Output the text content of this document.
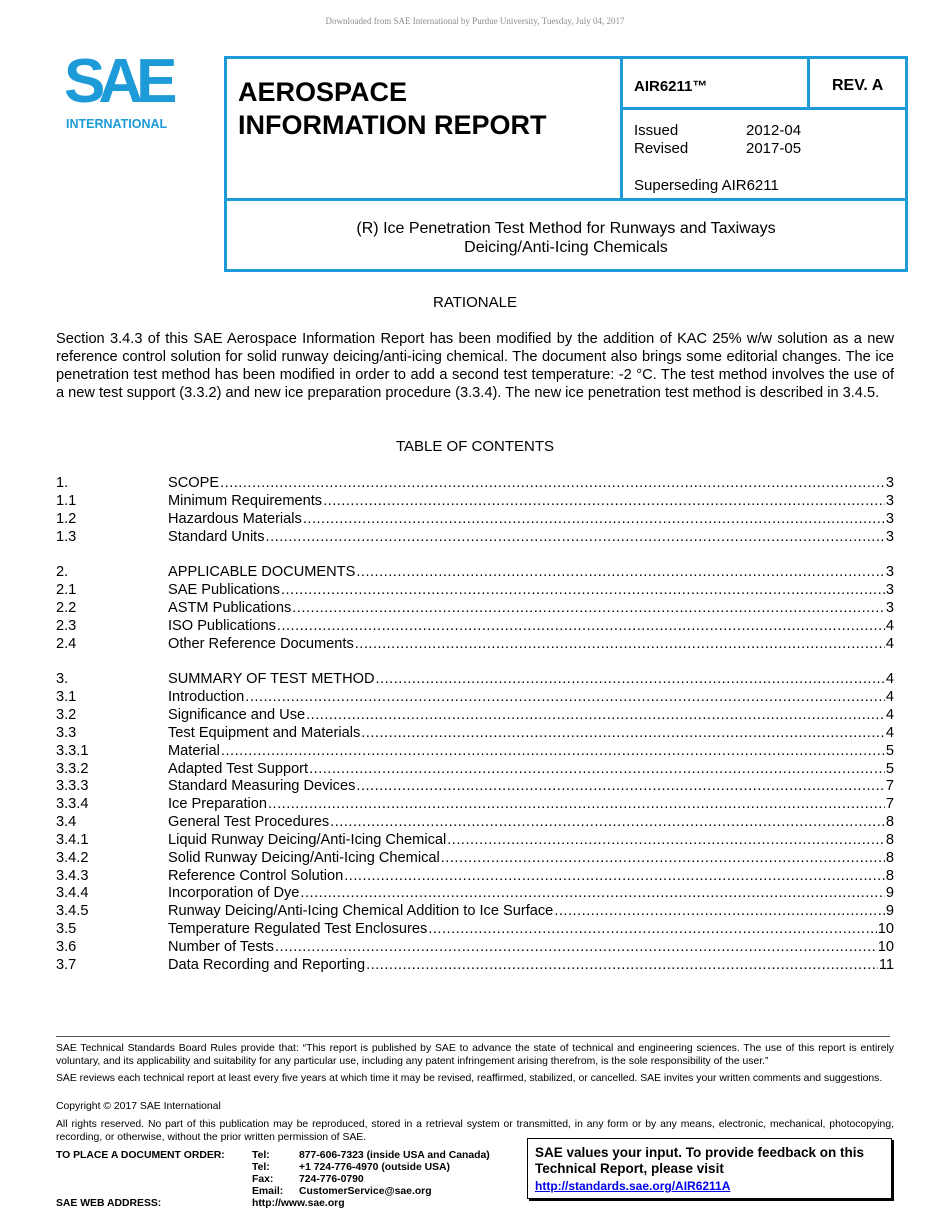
Downloaded from SAE International by Purdue University, Tuesday, July 04, 2017
SAE
INTERNATIONAL
AEROSPACE
INFORMATION REPORT
AIR6211™	REV. A
Issued	2012-04
Revised	2017-05
Superseding AIR6211
(R) Ice Penetration Test Method for Runways and Taxiways
Deicing/Anti-Icing Chemicals
RATIONALE

Section 3.4.3 of this SAE Aerospace Information Report has been modified by the addition of KAC 25% w/w solution as a new reference control solution for solid runway deicing/anti-icing chemical. The document also brings some editorial changes. The ice penetration test method has been modified in order to add a second test temperature: -2 °C. The test method involves the use of a new test support (3.3.2) and new ice preparation procedure (3.3.4). The new ice penetration test method is described in 3.4.5.

TABLE OF CONTENTS
1.	SCOPE .....	3
1.1	Minimum Requirements .....	3
1.2	Hazardous Materials .....	3
1.3	Standard Units .....	3
2.	APPLICABLE DOCUMENTS .....	3
2.1	SAE Publications .....	3
2.2	ASTM Publications .....	3
2.3	ISO Publications .....	4
2.4	Other Reference Documents .....	4
3.	SUMMARY OF TEST METHOD .....	4
3.1	Introduction .....	4
3.2	Significance and Use .....	4
3.3	Test Equipment and Materials .....	4
3.3.1	Material .....	5
3.3.2	Adapted Test Support .....	5
3.3.3	Standard Measuring Devices .....	7
3.3.4	Ice Preparation .....	7
3.4	General Test Procedures .....	8
3.4.1	Liquid Runway Deicing/Anti-Icing Chemical .....	8
3.4.2	Solid Runway Deicing/Anti-Icing Chemical .....	8
3.4.3	Reference Control Solution .....	8
3.4.4	Incorporation of Dye .....	9
3.4.5	Runway Deicing/Anti-Icing Chemical Addition to Ice Surface .....	9
3.5	Temperature Regulated Test Enclosures .....	10
3.6	Number of Tests .....	10
3.7	Data Recording and Reporting .....	11

SAE Technical Standards Board Rules provide that: “This report is published by SAE to advance the state of technical and engineering sciences. The use of this report is entirely voluntary, and its applicability and suitability for any particular use, including any patent infringement arising therefrom, is the sole responsibility of the user.”

SAE reviews each technical report at least every five years at which time it may be revised, reaffirmed, stabilized, or cancelled. SAE invites your written comments and suggestions.

Copyright © 2017 SAE International

All rights reserved. No part of this publication may be reproduced, stored in a retrieval system or transmitted, in any form or by any means, electronic, mechanical, photocopying, recording, or otherwise, without the prior written permission of SAE.

TO PLACE A DOCUMENT ORDER:	Tel:	877-606-7323 (inside USA and Canada)
	Tel:	+1 724-776-4970 (outside USA)
	Fax:	724-776-0790
	Email:	CustomerService@sae.org
SAE WEB ADDRESS:	http://www.sae.org	
SAE values your input. To provide feedback on this
Technical Report, please visit
http://standards.sae.org/AIR6211A
